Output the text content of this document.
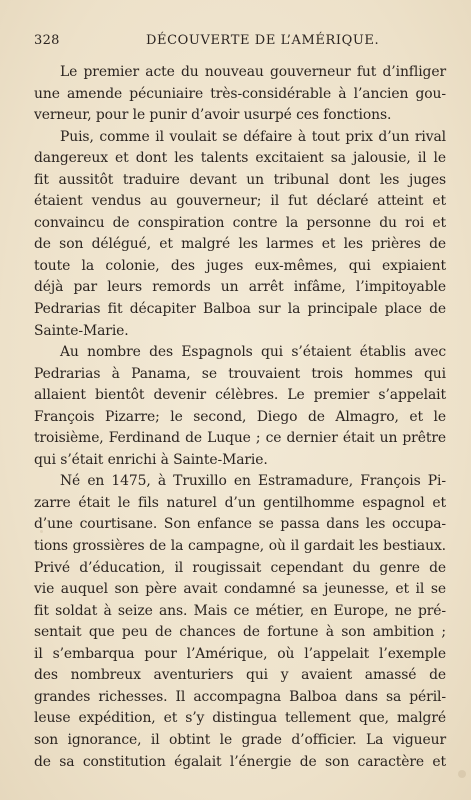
328	DÉCOUVERTE DE L’AMÉRIQUE.
Le premier acte du nouveau gouverneur fut d’infliger
une amende pécuniaire très-considérable à l’ancien gou-
verneur, pour le punir d’avoir usurpé ces fonctions.
Puis, comme il voulait se défaire à tout prix d’un rival
dangereux et dont les talents excitaient sa jalousie, il le
fit aussitôt traduire devant un tribunal dont les juges
étaient vendus au gouverneur; il fut déclaré atteint et
convaincu de conspiration contre la personne du roi et
de son délégué, et malgré les larmes et les prières de
toute la colonie, des juges eux-mêmes, qui expiaient
déjà par leurs remords un arrêt infâme, l’impitoyable
Pedrarias fit décapiter Balboa sur la principale place de
Sainte-Marie.
Au nombre des Espagnols qui s’étaient établis avec
Pedrarias à Panama, se trouvaient trois hommes qui
allaient bientôt devenir célèbres. Le premier s’appelait
François Pizarre; le second, Diego de Almagro, et le
troisième, Ferdinand de Luque ; ce dernier était un prêtre
qui s’était enrichi à Sainte-Marie.
Né en 1475, à Truxillo en Estramadure, François Pi-
zarre était le fils naturel d’un gentilhomme espagnol et
d’une courtisane. Son enfance se passa dans les occupa-
tions grossières de la campagne, où il gardait les bestiaux.
Privé d’éducation, il rougissait cependant du genre de
vie auquel son père avait condamné sa jeunesse, et il se
fit soldat à seize ans. Mais ce métier, en Europe, ne pré-
sentait que peu de chances de fortune à son ambition ;
il s’embarqua pour l’Amérique, où l’appelait l’exemple
des nombreux aventuriers qui y avaient amassé de
grandes richesses. Il accompagna Balboa dans sa péril-
leuse expédition, et s’y distingua tellement que, malgré
son ignorance, il obtint le grade d’officier. La vigueur
de sa constitution égalait l’énergie de son caractère et
